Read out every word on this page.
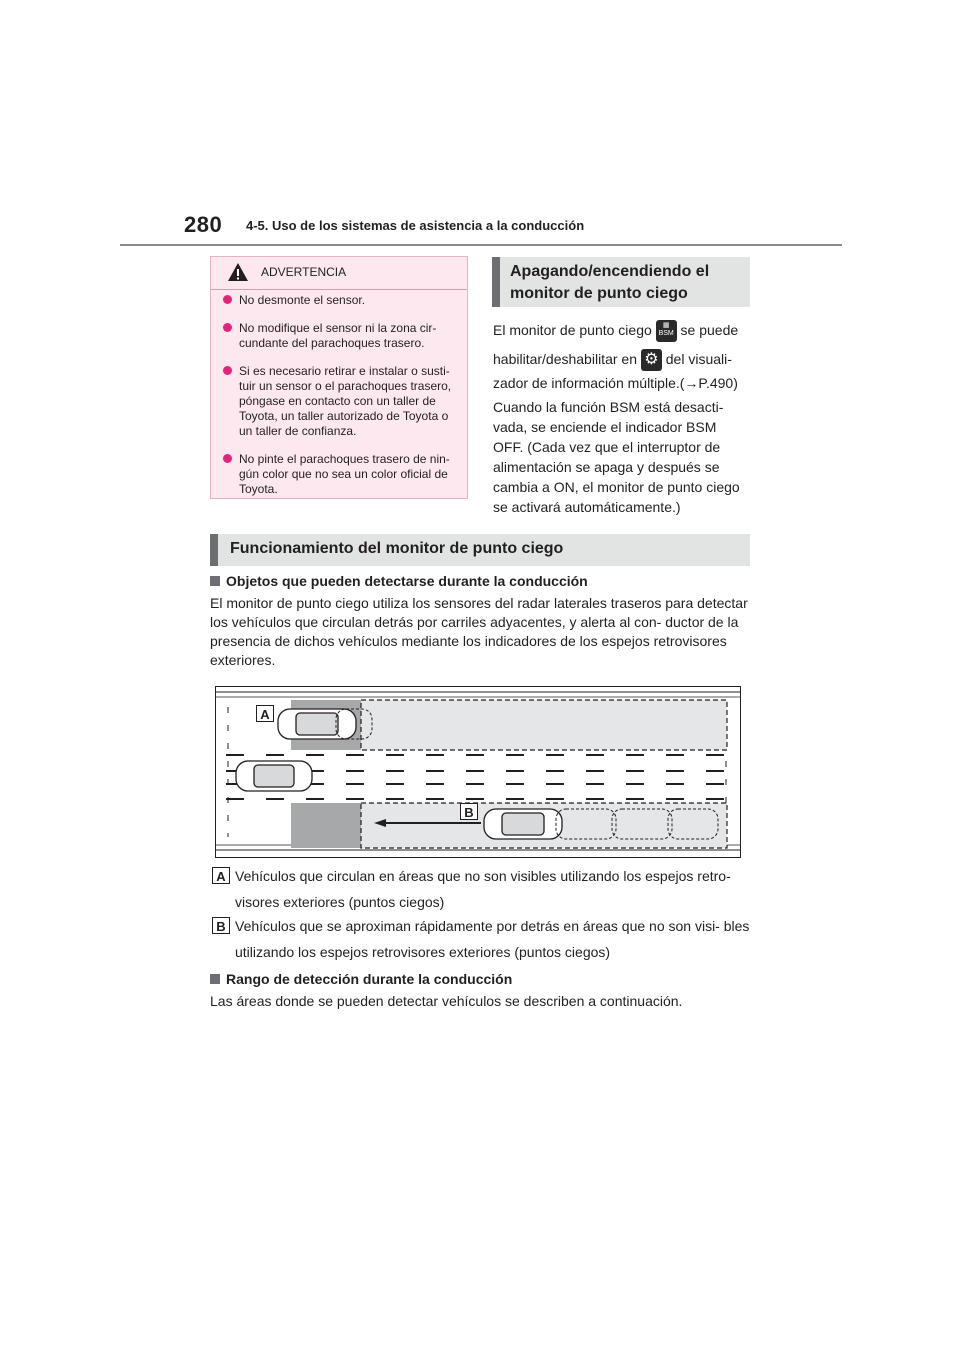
280 4-5. Uso de los sistemas de asistencia a la conducción
ADVERTENCIA
No desmonte el sensor.
No modifique el sensor ni la zona cir- cundante del parachoques trasero.
Si es necesario retirar e instalar o susti- tuir un sensor o el parachoques trasero, póngase en contacto con un taller de Toyota, un taller autorizado de Toyota o un taller de confianza.
No pinte el parachoques trasero de nin- gún color que no sea un color oficial de Toyota.
Apagando/encendiendo el monitor de punto ciego
El monitor de punto ciego	▦
BSM se puede
habilitar/deshabilitar en ⚙ del visuali-
zador de información múltiple.(→P.490)
Cuando la función BSM está desacti- vada, se enciende el indicador BSM OFF. (Cada vez que el interruptor de alimentación se apaga y después se cambia a ON, el monitor de punto ciego se activará automáticamente.)
Funcionamiento del monitor de punto ciego
Objetos que pueden detectarse durante la conducción
El monitor de punto ciego utiliza los sensores del radar laterales traseros para detectar los vehículos que circulan detrás por carriles adyacentes, y alerta al con- ductor de la presencia de dichos vehículos mediante los indicadores de los espejos retrovisores exteriores.
A
B
A Vehículos que circulan en áreas que no son visibles utilizando los espejos retro- visores exteriores (puntos ciegos)
B Vehículos que se aproximan rápidamente por detrás en áreas que no son visi- bles utilizando los espejos retrovisores exteriores (puntos ciegos)
Rango de detección durante la conducción
Las áreas donde se pueden detectar vehículos se describen a continuación.
